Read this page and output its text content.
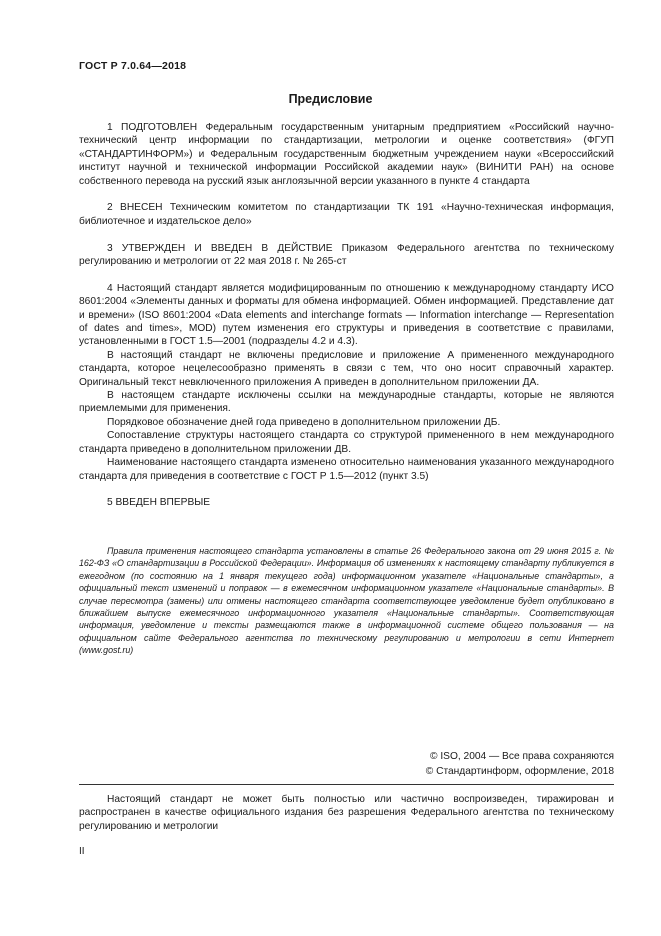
ГОСТ Р 7.0.64—2018
Предисловие

1 ПОДГОТОВЛЕН Федеральным государственным унитарным предприятием «Российский научно-технический центр информации по стандартизации, метрологии и оценке соответствия» (ФГУП «СТАНДАРТИНФОРМ») и Федеральным государственным бюджетным учреждением науки «Всероссийский институт научной и технической информации Российской академии наук» (ВИНИТИ РАН) на основе собственного перевода на русский язык англоязычной версии указанного в пункте 4 стандарта

2 ВНЕСЕН Техническим комитетом по стандартизации ТК 191 «Научно-техническая информация, библиотечное и издательское дело»

3 УТВЕРЖДЕН И ВВЕДЕН В ДЕЙСТВИЕ Приказом Федерального агентства по техническому регулированию и метрологии от 22 мая 2018 г. № 265-ст

4 Настоящий стандарт является модифицированным по отношению к международному стандарту ИСО 8601:2004 «Элементы данных и форматы для обмена информацией. Обмен информацией. Представление дат и времени» (ISO 8601:2004 «Data elements and interchange formats — Information interchange — Representation of dates and times», MOD) путем изменения его структуры и приведения в соответствие с правилами, установленными в ГОСТ 1.5—2001 (подразделы 4.2 и 4.3).

В настоящий стандарт не включены предисловие и приложение А примененного международного стандарта, которое нецелесообразно применять в связи с тем, что оно носит справочный характер. Оригинальный текст невключенного приложения А приведен в дополнительном приложении ДА.

В настоящем стандарте исключены ссылки на международные стандарты, которые не являются приемлемыми для применения.

Порядковое обозначение дней года приведено в дополнительном приложении ДБ.

Сопоставление структуры настоящего стандарта со структурой примененного в нем международного стандарта приведено в дополнительном приложении ДВ.

Наименование настоящего стандарта изменено относительно наименования указанного международного стандарта для приведения в соответствие с ГОСТ Р 1.5—2012 (пункт 3.5)

5 ВВЕДЕН ВПЕРВЫЕ

Правила применения настоящего стандарта установлены в статье 26 Федерального закона от 29 июня 2015 г. № 162-ФЗ «О стандартизации в Российской Федерации». Информация об изменениях к настоящему стандарту публикуется в ежегодном (по состоянию на 1 января текущего года) информационном указателе «Национальные стандарты», а официальный текст изменений и поправок — в ежемесячном информационном указателе «Национальные стандарты». В случае пересмотра (замены) или отмены настоящего стандарта соответствующее уведомление будет опубликовано в ближайшем выпуске ежемесячного информационного указателя «Национальные стандарты». Соответствующая информация, уведомление и тексты размещаются также в информационной системе общего пользования — на официальном сайте Федерального агентства по техническому регулированию и метрологии в сети Интернет (www.gost.ru)
© ISO, 2004 — Все права сохраняются
© Стандартинформ, оформление, 2018
Настоящий стандарт не может быть полностью или частично воспроизведен, тиражирован и распространен в качестве официального издания без разрешения Федерального агентства по техническому регулированию и метрологии
II
